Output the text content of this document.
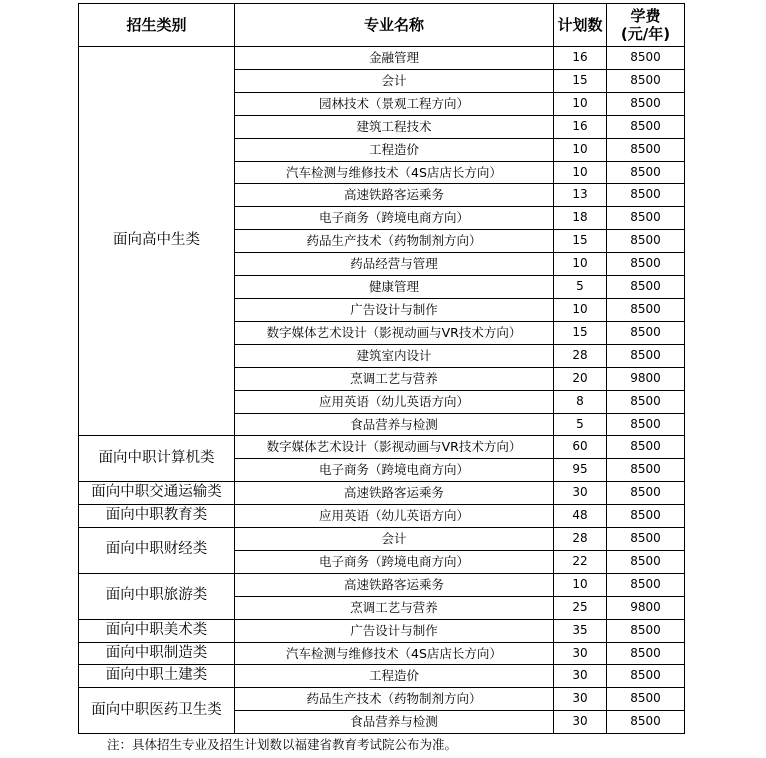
招生类别	专业名称	计划数	学费
(元/年)

面向高中生类	金融管理	16	8500
	会计	15	8500
	园林技术（景观工程方向）	10	8500
	建筑工程技术	16	8500
	工程造价	10	8500
	汽车检测与维修技术（4S店店长方向）	10	8500
	高速铁路客运乘务	13	8500
	电子商务（跨境电商方向）	18	8500
	药品生产技术（药物制剂方向）	15	8500
	药品经营与管理	10	8500
	健康管理	5	8500
	广告设计与制作	10	8500
	数字媒体艺术设计（影视动画与VR技术方向）	15	8500
	建筑室内设计	28	8500
	烹调工艺与营养	20	9800
	应用英语（幼儿英语方向）	8	8500
	食品营养与检测	5	8500
面向中职计算机类	数字媒体艺术设计（影视动画与VR技术方向）	60	8500
	电子商务（跨境电商方向）	95	8500
面向中职交通运输类	高速铁路客运乘务	30	8500
面向中职教育类	应用英语（幼儿英语方向）	48	8500
面向中职财经类	会计	28	8500
	电子商务（跨境电商方向）	22	8500
面向中职旅游类	高速铁路客运乘务	10	8500
	烹调工艺与营养	25	9800
面向中职美术类	广告设计与制作	35	8500
面向中职制造类	汽车检测与维修技术（4S店店长方向）	30	8500
面向中职土建类	工程造价	30	8500
面向中职医药卫生类	药品生产技术（药物制剂方向）	30	8500
	食品营养与检测	30	8500
注：具体招生专业及招生计划数以福建省教育考试院公布为准。
